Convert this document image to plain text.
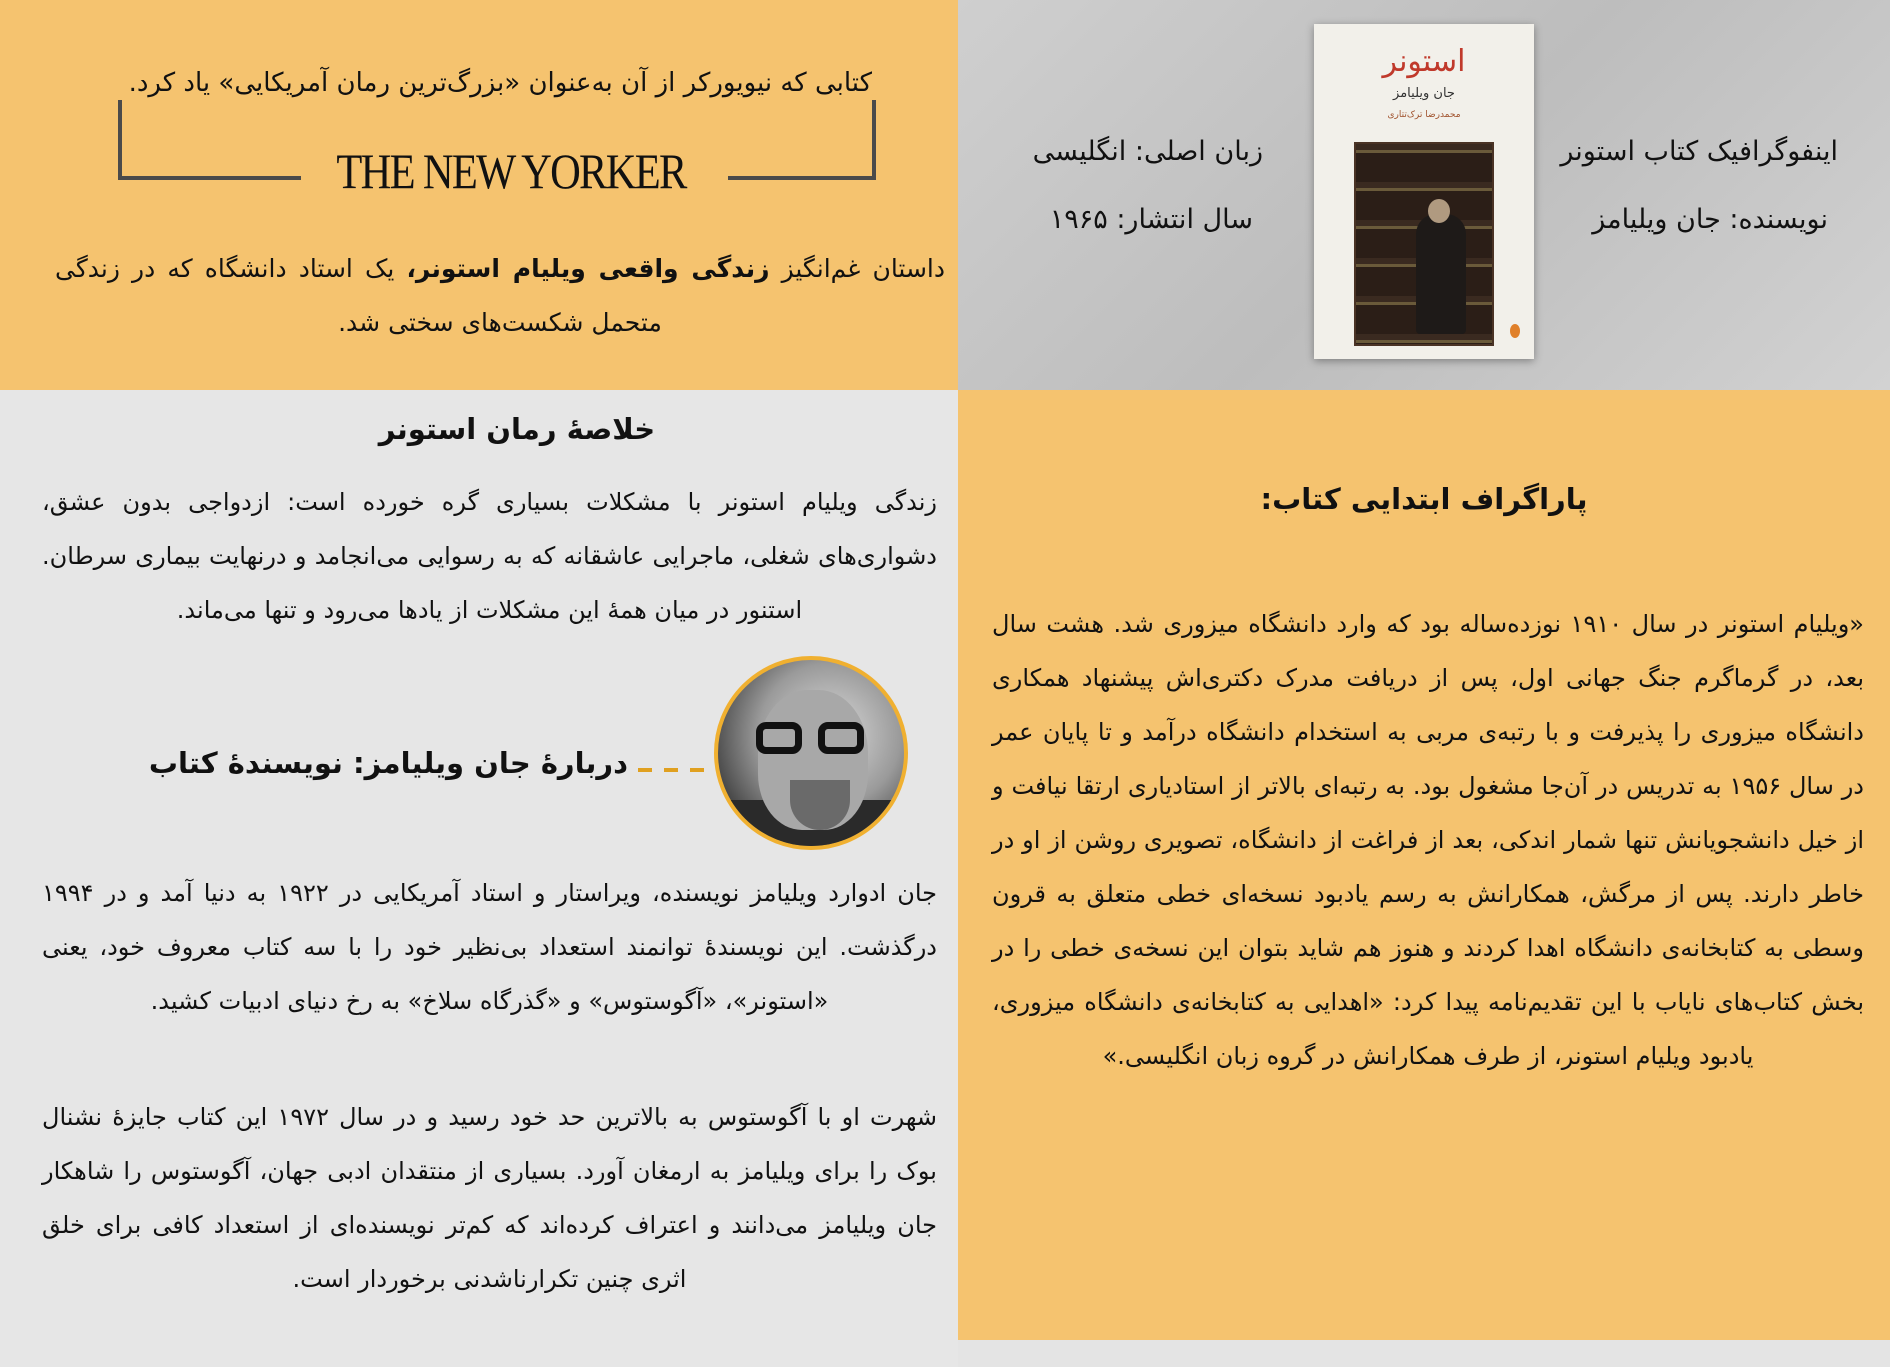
کتابی که نیویورکر از آن به‌عنوان «بزرگ‌ترین رمان آمریکایی» یاد کرد.
THE NEW YORKER
داستان غم‌انگیز زندگی واقعی ویلیام استونر، یک استاد دانشگاه که در زندگی متحمل شکست‌های سختی شد.
اینفوگرافیک کتاب استونر
نویسنده: جان ویلیامز
زبان اصلی: انگلیسی
سال انتشار: ۱۹۶۵
استونر
جان ویلیامز
محمدرضا ترک‌تتاری
خلاصهٔ رمان استونر
زندگی ویلیام استونر با مشکلات بسیاری گره خورده است: ازدواجی بدون عشق، دشواری‌های شغلی، ماجرایی عاشقانه که به رسوایی می‌انجامد و درنهایت بیماری سرطان. استنور در میان همهٔ این مشکلات از یادها می‌رود و تنها می‌ماند.
دربارهٔ جان ویلیامز: نویسندهٔ کتاب
جان ادوارد ویلیامز نویسنده، ویراستار و استاد آمریکایی در ۱۹۲۲ به دنیا آمد و در ۱۹۹۴ درگذشت. این نویسندهٔ توانمند استعداد بی‌نظیر خود را با سه کتاب معروف خود، یعنی «استونر»، «آگوستوس» و «گذرگاه سلاخ» به رخ دنیای ادبیات کشید.
شهرت او با آگوستوس به بالاترین حد خود رسید و در سال ۱۹۷۲ این کتاب جایزهٔ نشنال بوک را برای ویلیامز به ارمغان آورد. بسیاری از منتقدان ادبی جهان، آگوستوس را شاهکار جان ویلیامز می‌دانند و اعتراف کرده‌اند که کم‌تر نویسنده‌ای از استعداد کافی برای خلق اثری چنین تکرارناشدنی برخوردار است.
پاراگراف ابتدایی کتاب:
«ویلیام استونر در سال ۱۹۱۰ نوزده‌ساله بود که وارد دانشگاه میزوری شد. هشت سال بعد، در گرماگرم جنگ جهانی اول، پس از دریافت مدرک دکتری‌اش پیشنهاد همکاری دانشگاه میزوری را پذیرفت و با رتبه‌ی مربی به استخدام دانشگاه درآمد و تا پایان عمر در سال ۱۹۵۶ به تدریس در آن‌جا مشغول بود. به رتبه‌ای بالاتر از استادیاری ارتقا نیافت و از خیل دانشجویانش تنها شمار اندکی، بعد از فراغت از دانشگاه، تصویری روشن از او در خاطر دارند. پس از مرگش، همکارانش به رسم یادبود نسخه‌ای خطی متعلق به قرون وسطی به کتابخانه‌ی دانشگاه اهدا کردند و هنوز هم شاید بتوان این نسخه‌ی خطی را در بخش کتاب‌های نایاب با این تقدیم‌نامه پیدا کرد: «اهدایی به کتابخانه‌ی دانشگاه میزوری، یادبود ویلیام استونر، از طرف همکارانش در گروه زبان انگلیسی.»
